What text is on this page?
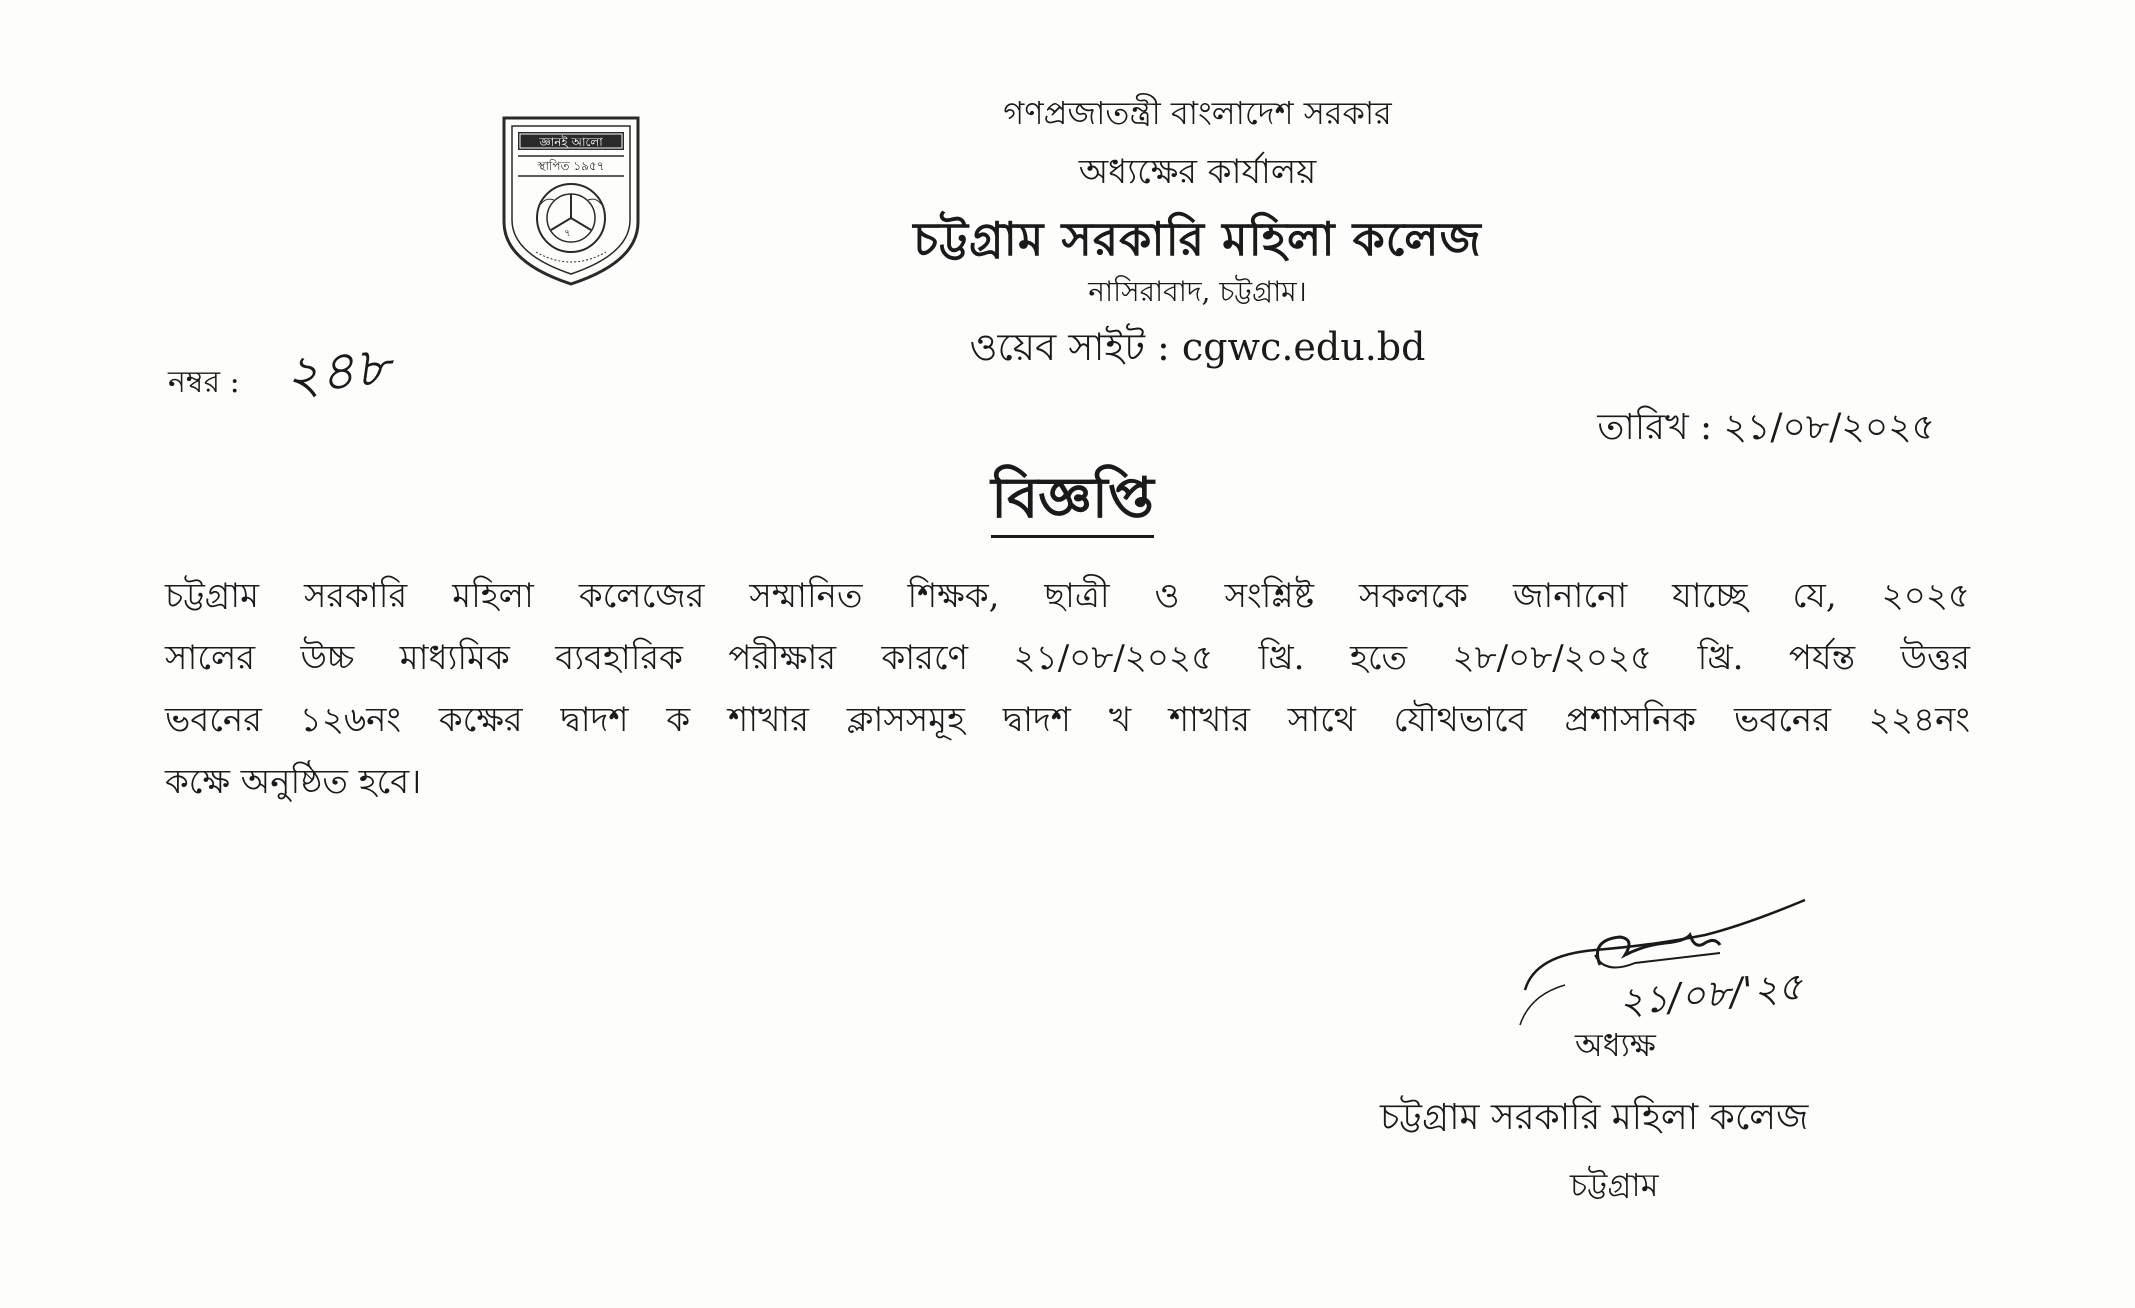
জ্ঞানই আলো
স্থাপিত ১৯৫৭
৭
গণপ্রজাতন্ত্রী বাংলাদেশ সরকার
অধ্যক্ষের কার্যালয়
চট্টগ্রাম সরকারি মহিলা কলেজ
নাসিরাবাদ, চট্টগ্রাম।
ওয়েব সাইট : cgwc.edu.bd
নম্বর : ২৪৮
তারিখ : ২১/০৮/২০২৫
বিজ্ঞপ্তি
চট্টগ্রাম সরকারি মহিলা কলেজের সম্মানিত শিক্ষক, ছাত্রী ও সংশ্লিষ্ট সকলকে জানানো যাচ্ছে যে, ২০২৫
সালের উচ্চ মাধ্যমিক ব্যবহারিক পরীক্ষার কারণে ২১/০৮/২০২৫ খ্রি. হতে ২৮/০৮/২০২৫ খ্রি. পর্যন্ত উত্তর
ভবনের ১২৬নং কক্ষের দ্বাদশ ক শাখার ক্লাসসমূহ দ্বাদশ খ শাখার সাথে যৌথভাবে প্রশাসনিক ভবনের ২২৪নং
কক্ষে অনুষ্ঠিত হবে।
২১/০৮/'২৫
অধ্যক্ষ
চট্টগ্রাম সরকারি মহিলা কলেজ
চট্টগ্রাম
